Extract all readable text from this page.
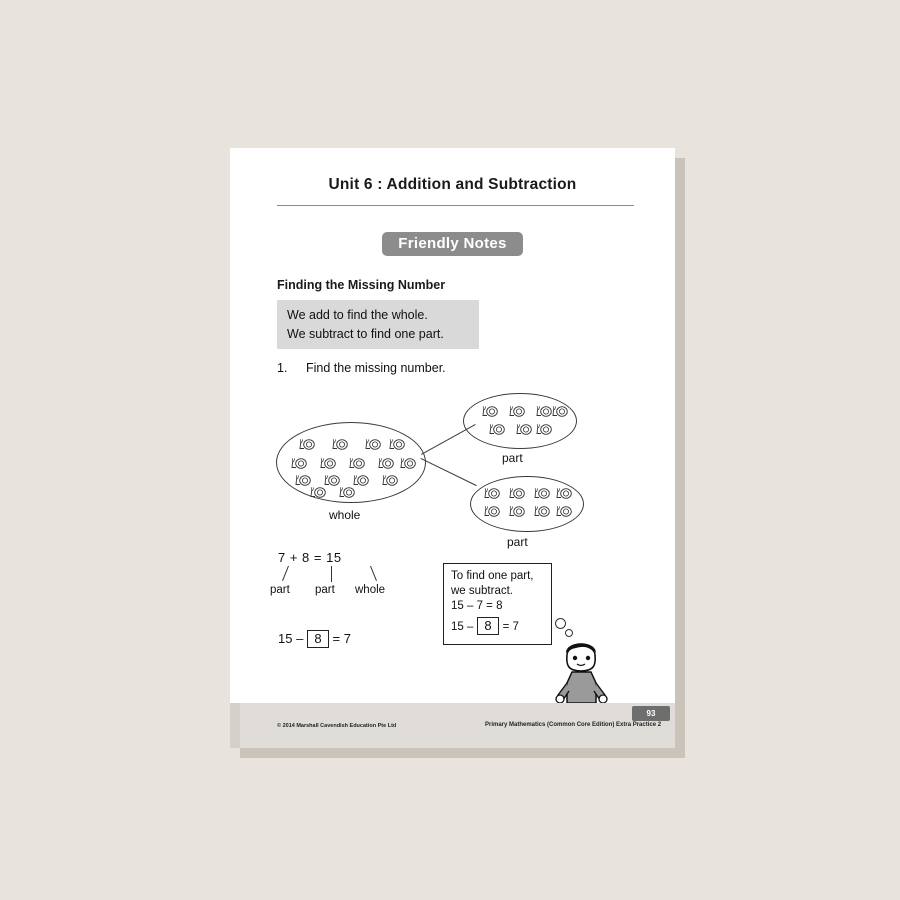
Unit 6 : Addition and Subtraction
Friendly Notes
Finding the Missing Number
We add to find the whole.
We subtract to find one part.
1. Find the missing number.
whole
part
part
7 + 8 = 15
part part whole
15 – 8 = 7
To find one part,
we subtract.
15 – 7 = 8
15 – 8 = 7
© 2014 Marshall Cavendish Education Pte Ltd	Primary Mathematics (Common Core Edition) Extra Practice 2
93
